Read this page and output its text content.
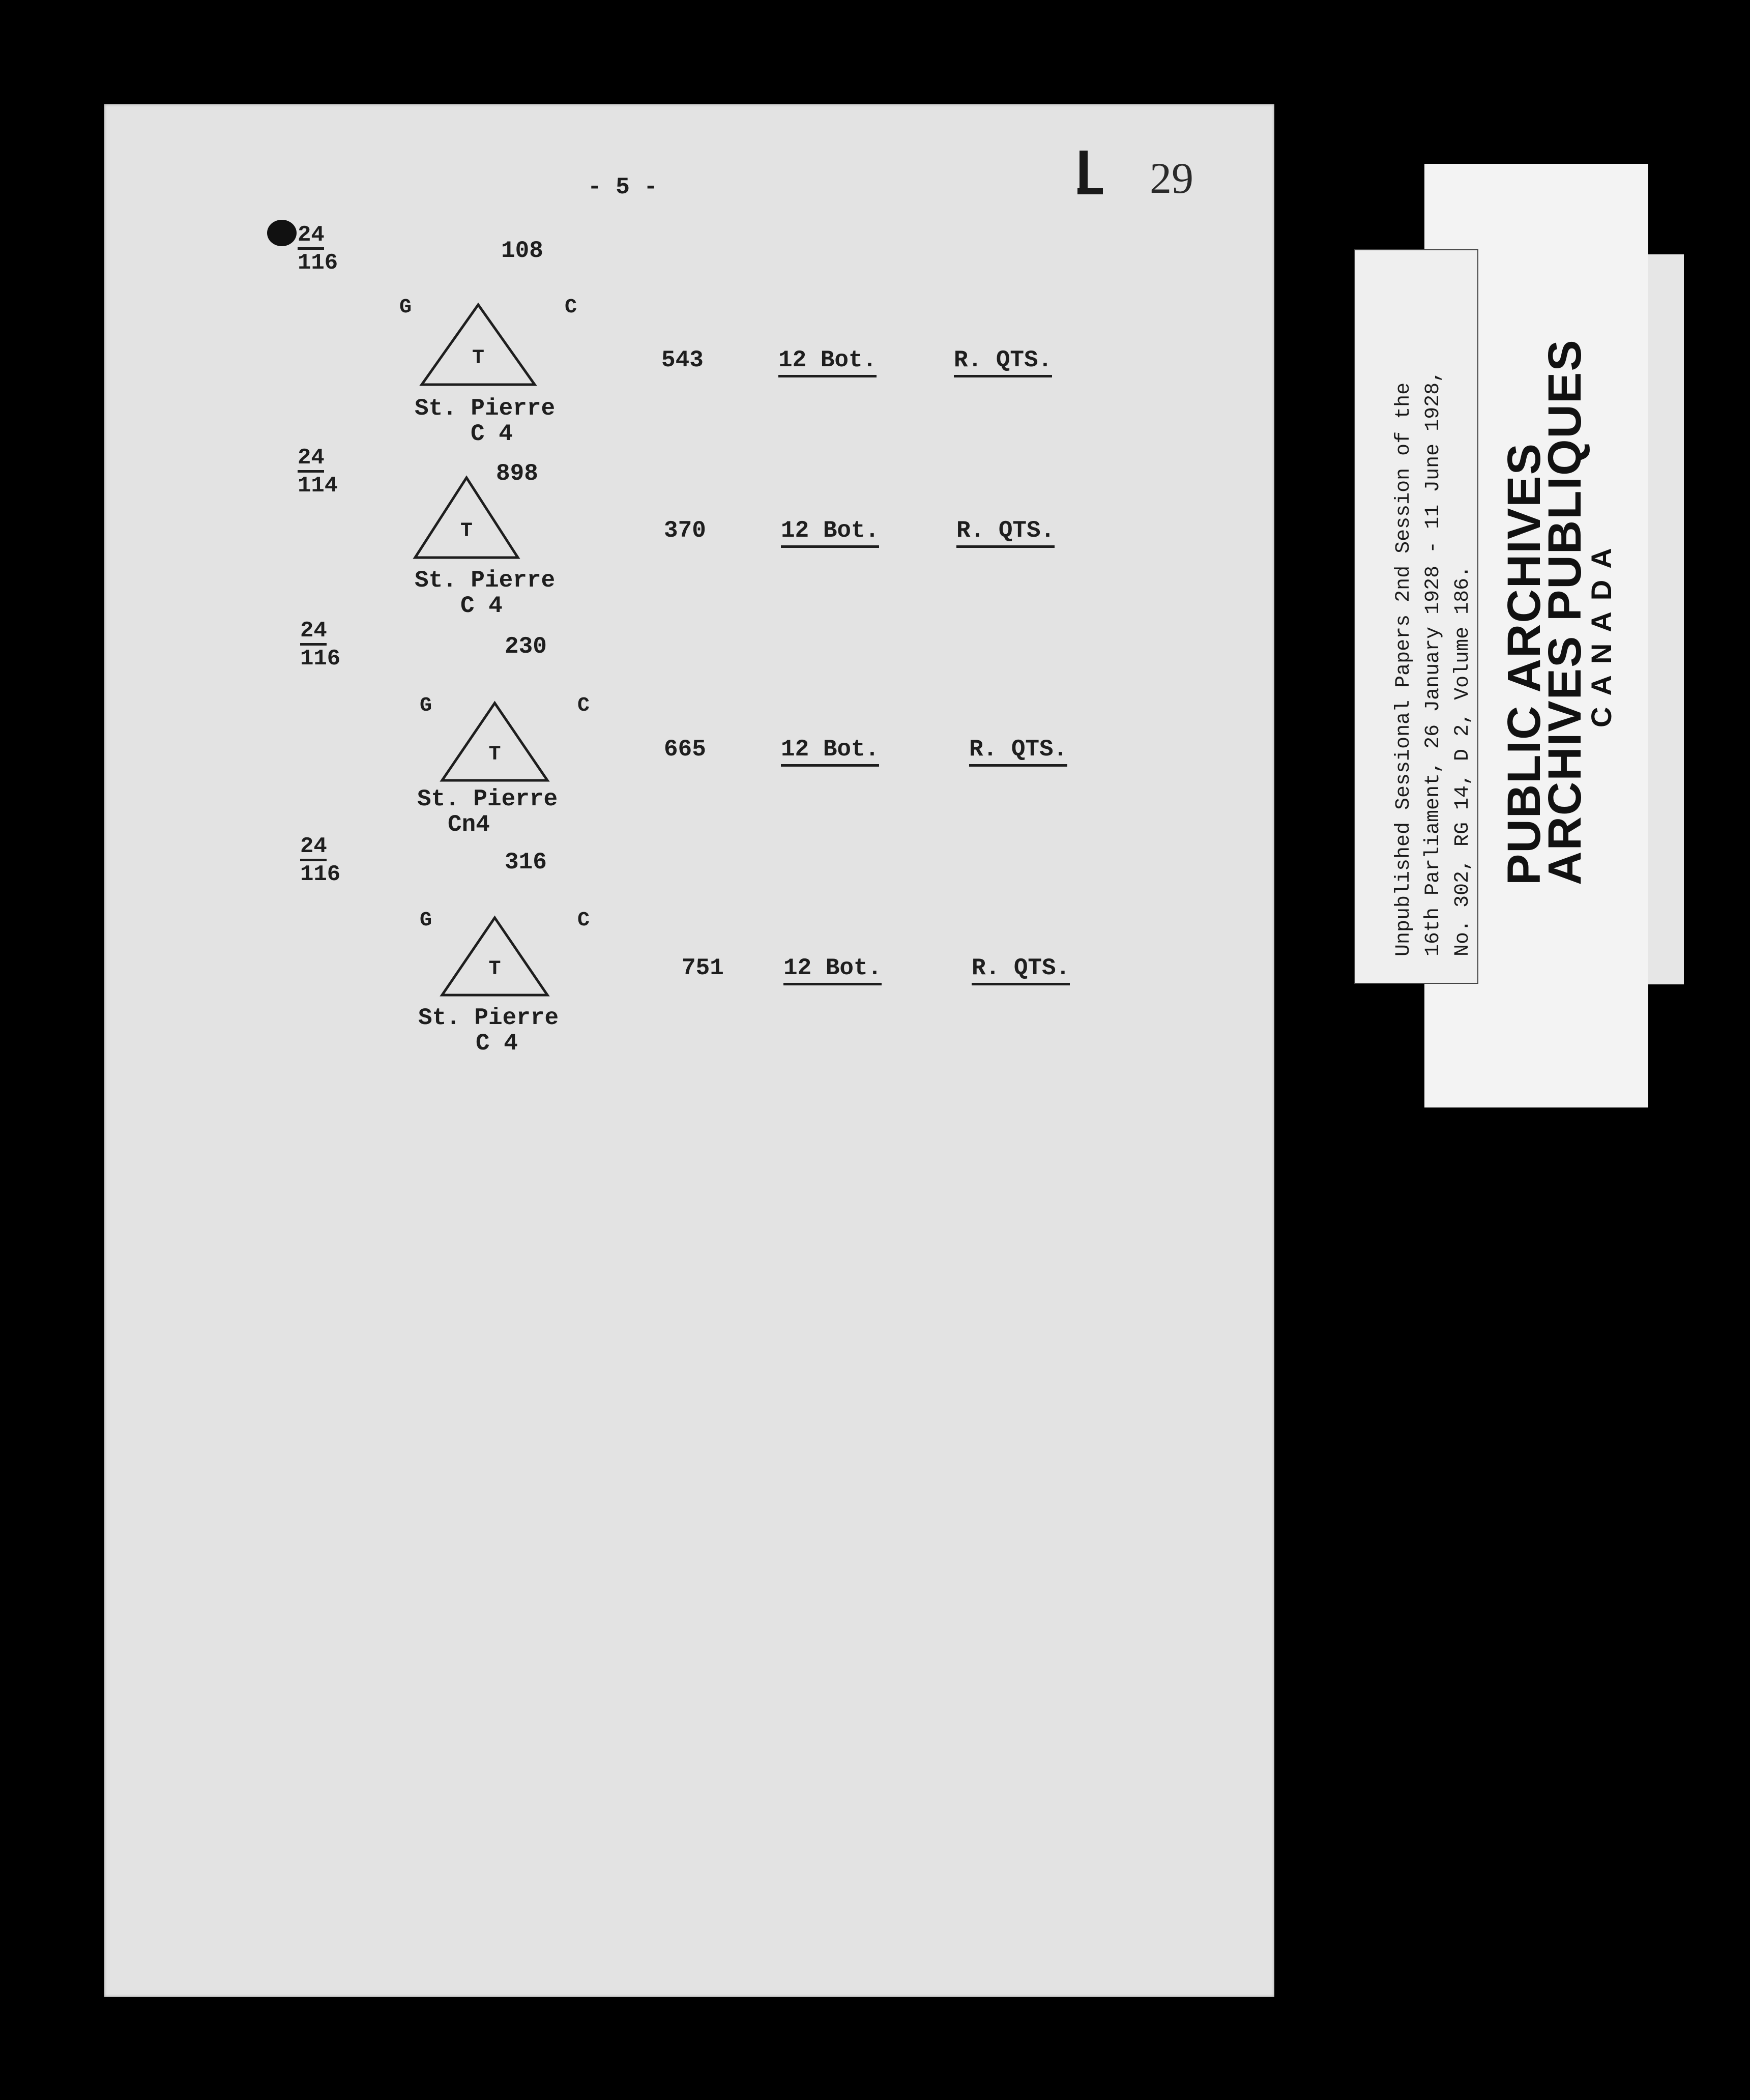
PUBLIC ARCHIVES
ARCHIVES PUBLIQUES
CANADA
Unpublished Sessional Papers 2nd Session of the 16th Parliament, 26 January 1928 - 11 June 1928, No. 302, RG 14, D 2, Volume 186.
- 5 -	29
$\frac{24}{116}$	108
G	C
T
St. Pierre
C 4
543	12 Bot.	R. QTS.
$\frac{24}{114}$	898
T
St. Pierre
C 4
370	12 Bot.	R. QTS.
$\frac{24}{116}$	230
G	C
T
St. Pierre
Cn4
665	12 Bot.	R. QTS.
$\frac{24}{116}$	316
G	C
T
St. Pierre
C 4
751	12 Bot.	R. QTS.
